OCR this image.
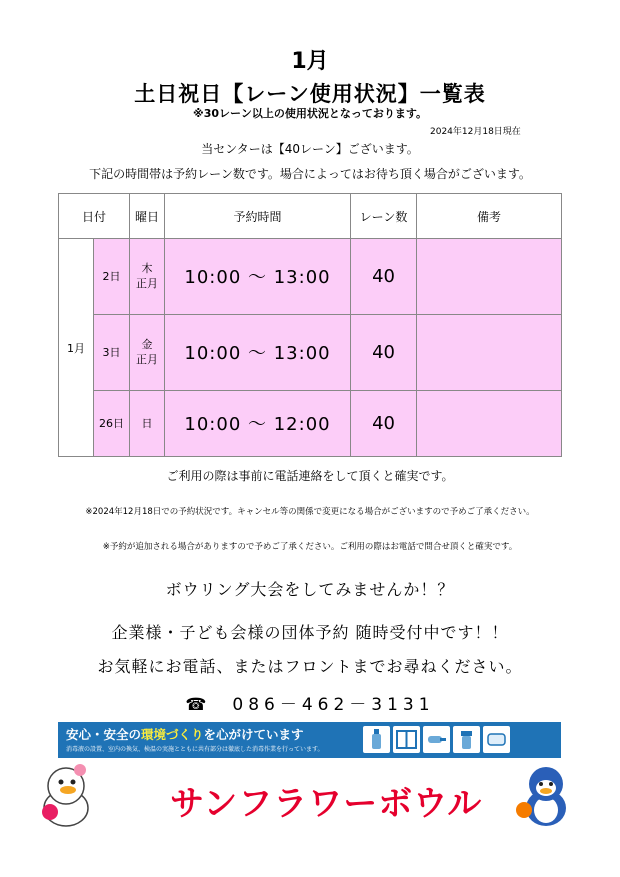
1月
土日祝日【レーン使用状況】一覧表
※30レーン以上の使用状況となっております。
2024年12月18日現在
当センターは【40レーン】ございます。
下記の時間帯は予約レーン数です。場合によってはお待ち頂く場合がございます。
日付		曜日	予約時間	レーン数	備考
1月	2日	木
正月	10:00 ～ 13:00	40	
	3日	金
正月	10:00 ～ 13:00	40	
	26日	日	10:00 ～ 12:00	40	
ご利用の際は事前に電話連絡をして頂くと確実です。
※2024年12月18日での予約状況です。キャンセル等の関係で変更になる場合がございますので予めご了承ください。
※予約が追加される場合がありますので予めご了承ください。ご利用の際はお電話で問合せ頂くと確実です。
ボウリング大会をしてみませんか！？
企業様・子ども会様の団体予約 随時受付中です！！
お気軽にお電話、またはフロントまでお尋ねください。
☎ 086－462－3131
安心・安全の環境づくりを心がけています
消毒液の設置、室内の換気、検温の実施とともに共有部分は徹底した消毒作業を行っています。
サンフラワーボウル
